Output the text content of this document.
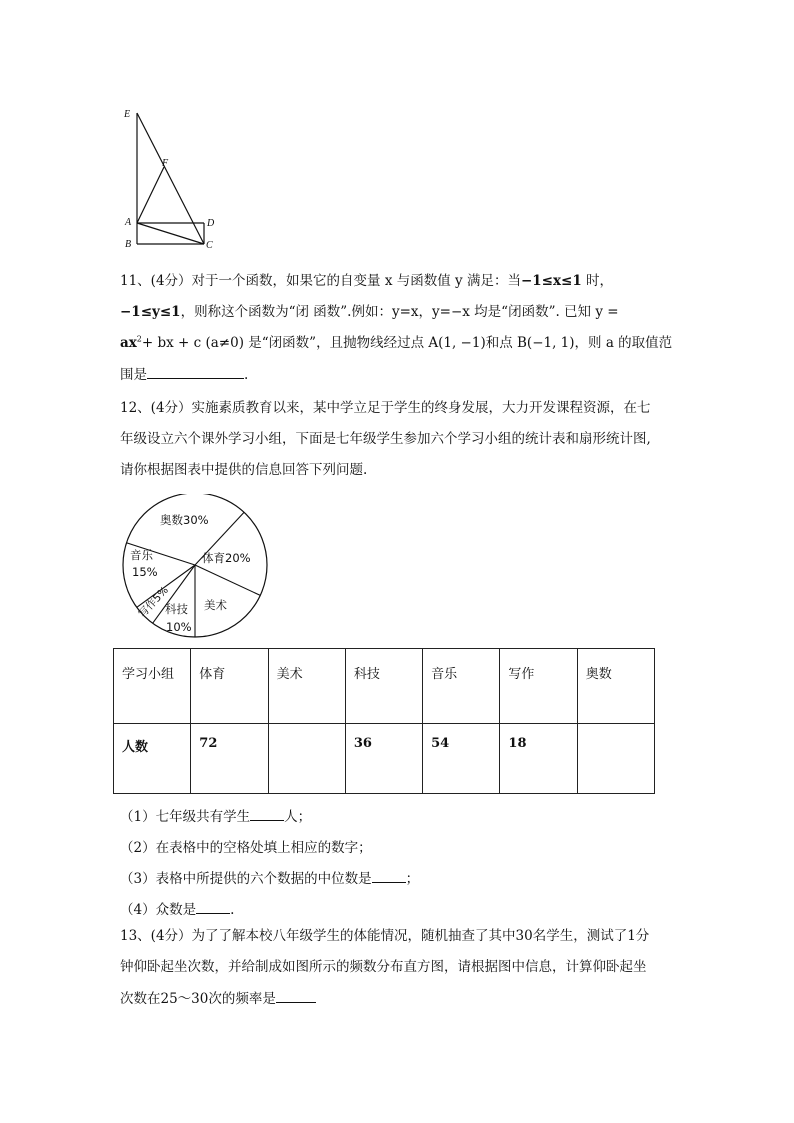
E
F
A	D
B	C
11、(4分）对于一个函数，如果它的自变量 x 与函数值 y 满足：当−1≤x≤1 时，
−1≤y≤1，则称这个函数为“闭 函数”.例如：y=x，y=−x 均是“闭函数”. 已知 y =
$ax^2+$ bx + c (a≠0) 是“闭函数”，且抛物线经过点 A(1, −1)和点 B(−1, 1)，则 a 的取值范
围是	.
12、(4分）实施素质教育以来，某中学立足于学生的终身发展，大力开发课程资源，在七
年级设立六个课外学习小组，下面是七年级学生参加六个学习小组的统计表和扇形统计图,
请你根据图表中提供的信息回答下列问题.
奥数30%
体育20%
音乐
15%
美术
科技
10%
写作5%
学习小组	体育	美术	科技	音乐	写作	奥数
人数	72		36	54	18	
（1）七年级共有学生	人；
（2）在表格中的空格处填上相应的数字；
（3）表格中所提供的六个数据的中位数是	；
（4）众数是	.
13、(4分）为了了解本校八年级学生的体能情况，随机抽查了其中30名学生，测试了1分
钟仰卧起坐次数，并给制成如图所示的频数分布直方图，请根据图中信息，计算仰卧起坐
次数在25～30次的频率是
